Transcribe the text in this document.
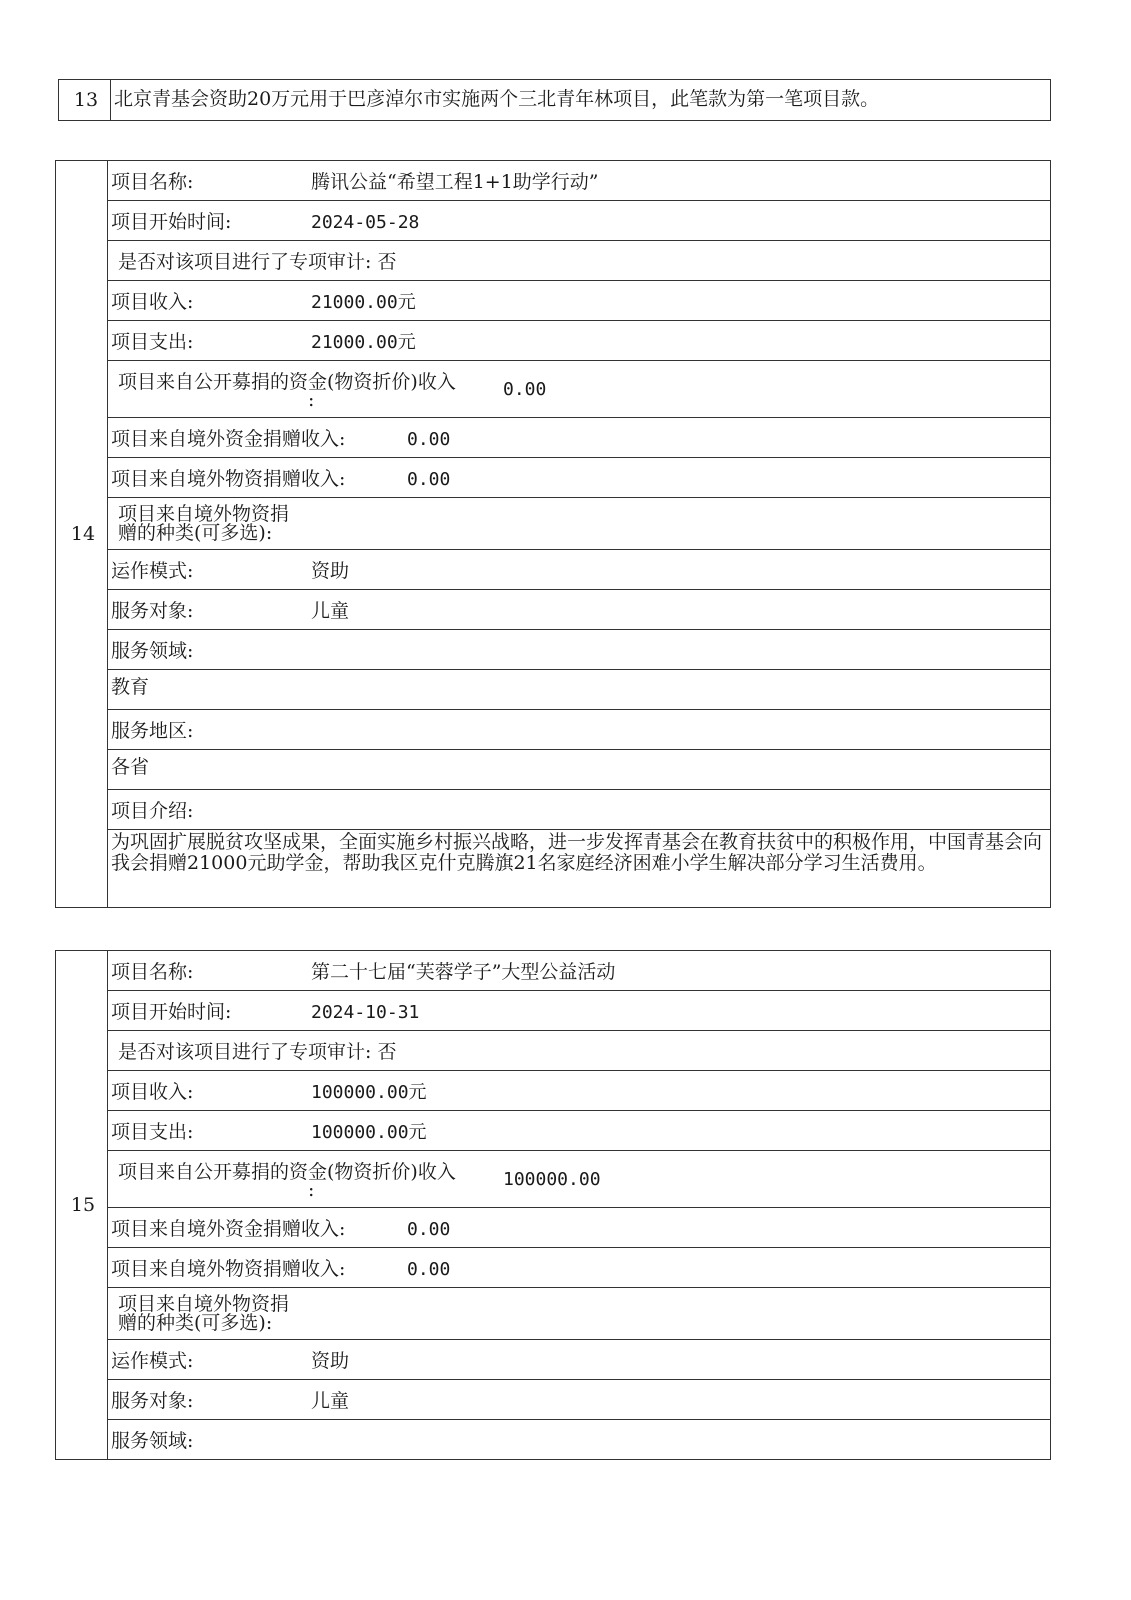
13	北京青基会资助20万元用于巴彦淖尔市实施两个三北青年林项目，此笔款为第一笔项目款。
14	项目名称:	腾讯公益“希望工程1+1助学行动”
项目开始时间:	2024-05-28
是否对该项目进行了专项审计: 否
项目收入:	21000.00元
项目支出:	21000.00元

项目来自公开募捐的资金(物资折价)收入
:	0.00

项目来自境外资金捐赠收入:	0.00
项目来自境外物资捐赠收入:	0.00

项目来自境外物资捐
赠的种类(可多选):

运作模式:	资助
服务对象:	儿童
服务领域:
教育
服务地区:
各省
项目介绍:
为巩固扩展脱贫攻坚成果，全面实施乡村振兴战略，进一步发挥青基会在教育扶贫中的积极作用，中国青基会向我会捐赠21000元助学金，帮助我区克什克腾旗21名家庭经济困难小学生解决部分学习生活费用。
15	项目名称:	第二十七届“芙蓉学子”大型公益活动
项目开始时间:	2024-10-31
是否对该项目进行了专项审计: 否
项目收入:	100000.00元
项目支出:	100000.00元

项目来自公开募捐的资金(物资折价)收入
:	100000.00

项目来自境外资金捐赠收入:	0.00
项目来自境外物资捐赠收入:	0.00

项目来自境外物资捐
赠的种类(可多选):

运作模式:	资助
服务对象:	儿童
服务领域:
